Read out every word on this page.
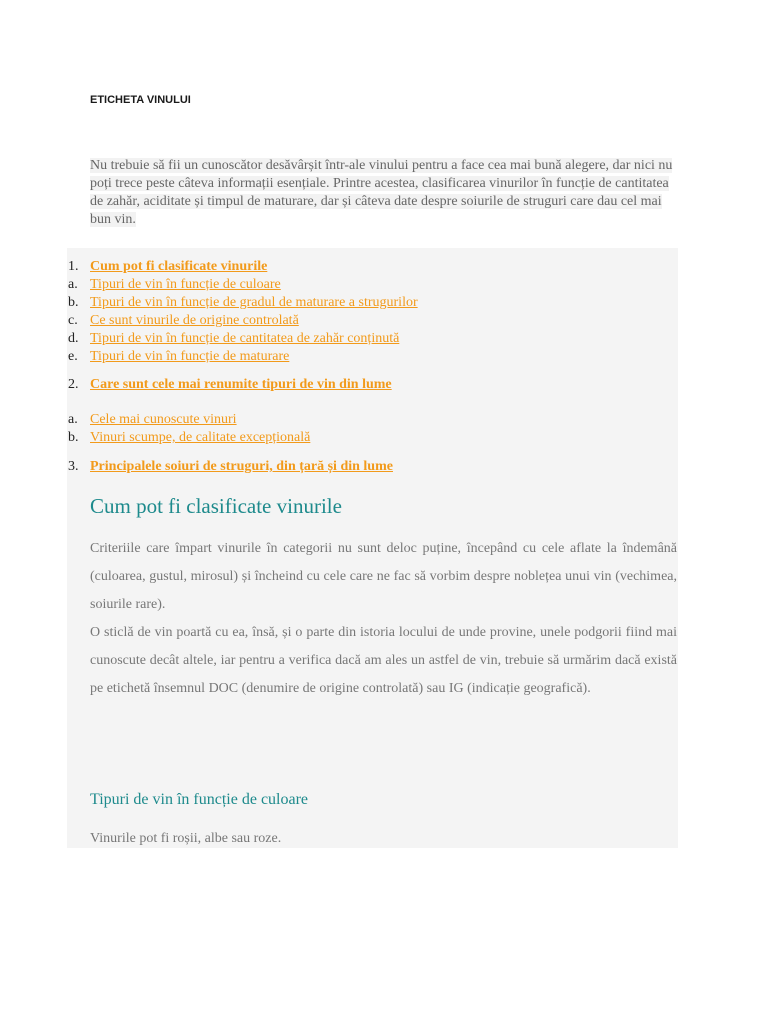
ETICHETA VINULUI
Nu trebuie să fii un cunoscător desăvârșit într-ale vinului pentru a face cea mai bună alegere, dar nici nu poți trece peste câteva informații esențiale. Printre acestea, clasificarea vinurilor în funcție de cantitatea de zahăr, aciditate și timpul de maturare, dar și câteva date despre soiurile de struguri care dau cel mai bun vin.
1. Cum pot fi clasificate vinurile
a. Tipuri de vin în funcție de culoare
b. Tipuri de vin în funcție de gradul de maturare a strugurilor
c. Ce sunt vinurile de origine controlată
d. Tipuri de vin în funcție de cantitatea de zahăr conținută
e. Tipuri de vin în funcție de maturare
2. Care sunt cele mai renumite tipuri de vin din lume
a. Cele mai cunoscute vinuri
b. Vinuri scumpe, de calitate excepțională
3. Principalele soiuri de struguri, din țară și din lume
Cum pot fi clasificate vinurile

Criteriile care împart vinurile în categorii nu sunt deloc puține, începând cu cele aflate la îndemână (culoarea, gustul, mirosul) și încheind cu cele care ne fac să vorbim despre noblețea unui vin (vechimea, soiurile rare).

O sticlă de vin poartă cu ea, însă, și o parte din istoria locului de unde provine, unele podgorii fiind mai cunoscute decât altele, iar pentru a verifica dacă am ales un astfel de vin, trebuie să urmărim dacă există pe etichetă însemnul DOC (denumire de origine controlată) sau IG (indicație geografică).

Tipuri de vin în funcție de culoare
Vinurile pot fi roșii, albe sau roze.
